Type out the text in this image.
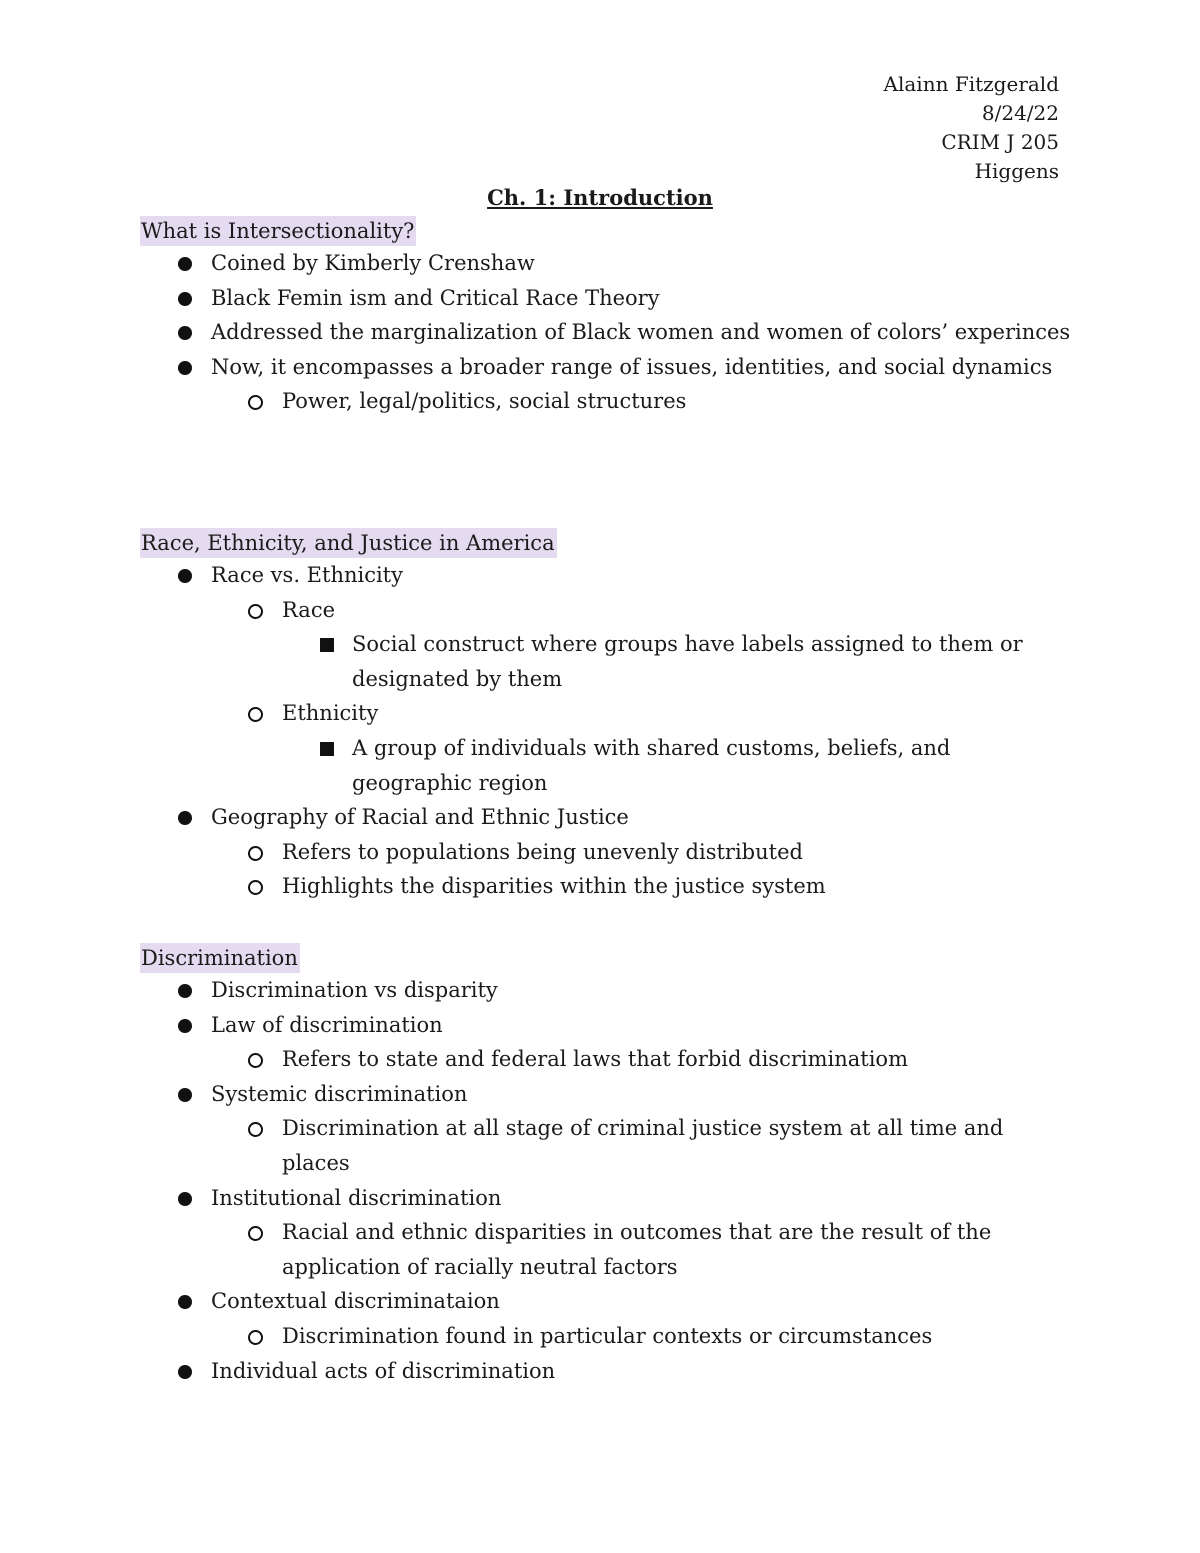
Alainn Fitzgerald
8/24/22
CRIM J 205
Higgens
Ch. 1: Introduction
What is Intersectionality?
Coined by Kimberly Crenshaw
Black Femin ism and Critical Race Theory
Addressed the marginalization of Black women and women of colors’ experinces
Now, it encompasses a broader range of issues, identities, and social dynamics
Power, legal/politics, social structures
Race, Ethnicity, and Justice in America
Race vs. Ethnicity
Race
Social construct where groups have labels assigned to them or designated by them
Ethnicity
A group of individuals with shared customs, beliefs, and geographic region
Geography of Racial and Ethnic Justice
Refers to populations being unevenly distributed
Highlights the disparities within the justice system
Discrimination
Discrimination vs disparity
Law of discrimination
Refers to state and federal laws that forbid discriminatiom
Systemic discrimination
Discrimination at all stage of criminal justice system at all time and places
Institutional discrimination
Racial and ethnic disparities in outcomes that are the result of the application of racially neutral factors
Contextual discriminataion
Discrimination found in particular contexts or circumstances
Individual acts of discrimination
